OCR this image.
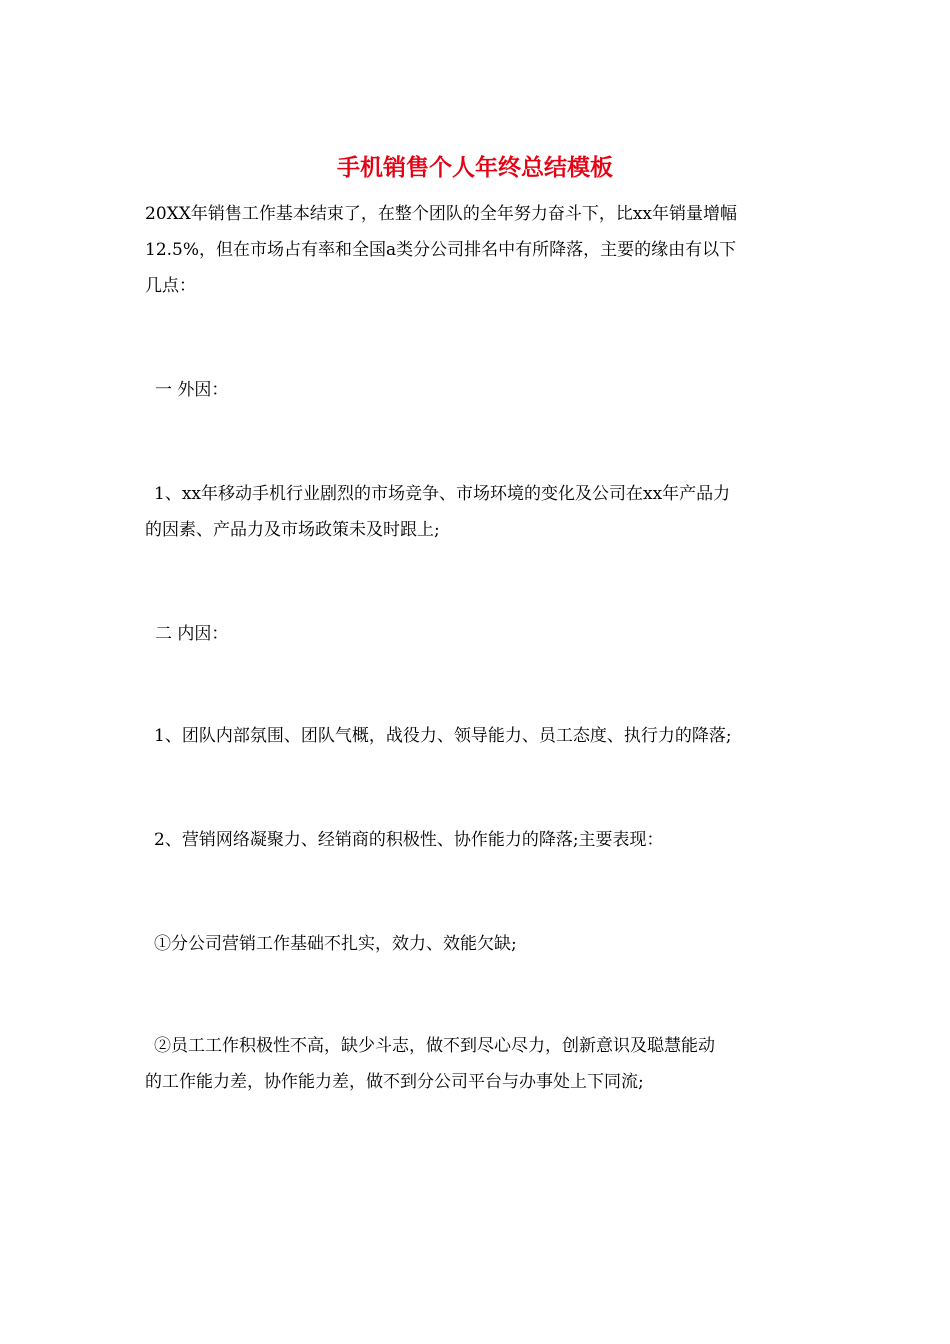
手机销售个人年终总结模板
20XX年销售工作基本结束了，在整个团队的全年努力奋斗下，比xx年销量增幅
12.5%，但在市场占有率和全国a类分公司排名中有所降落，主要的缘由有以下
几点：
一 外因：
1、xx年移动手机行业剧烈的市场竞争、市场环境的变化及公司在xx年产品力
的因素、产品力及市场政策未及时跟上;
二 内因：
1、团队内部氛围、团队气概，战役力、领导能力、员工态度、执行力的降落;
2、营销网络凝聚力、经销商的积极性、协作能力的降落;主要表现：
①分公司营销工作基础不扎实，效力、效能欠缺;
②员工工作积极性不高，缺少斗志，做不到尽心尽力，创新意识及聪慧能动
的工作能力差，协作能力差，做不到分公司平台与办事处上下同流;
